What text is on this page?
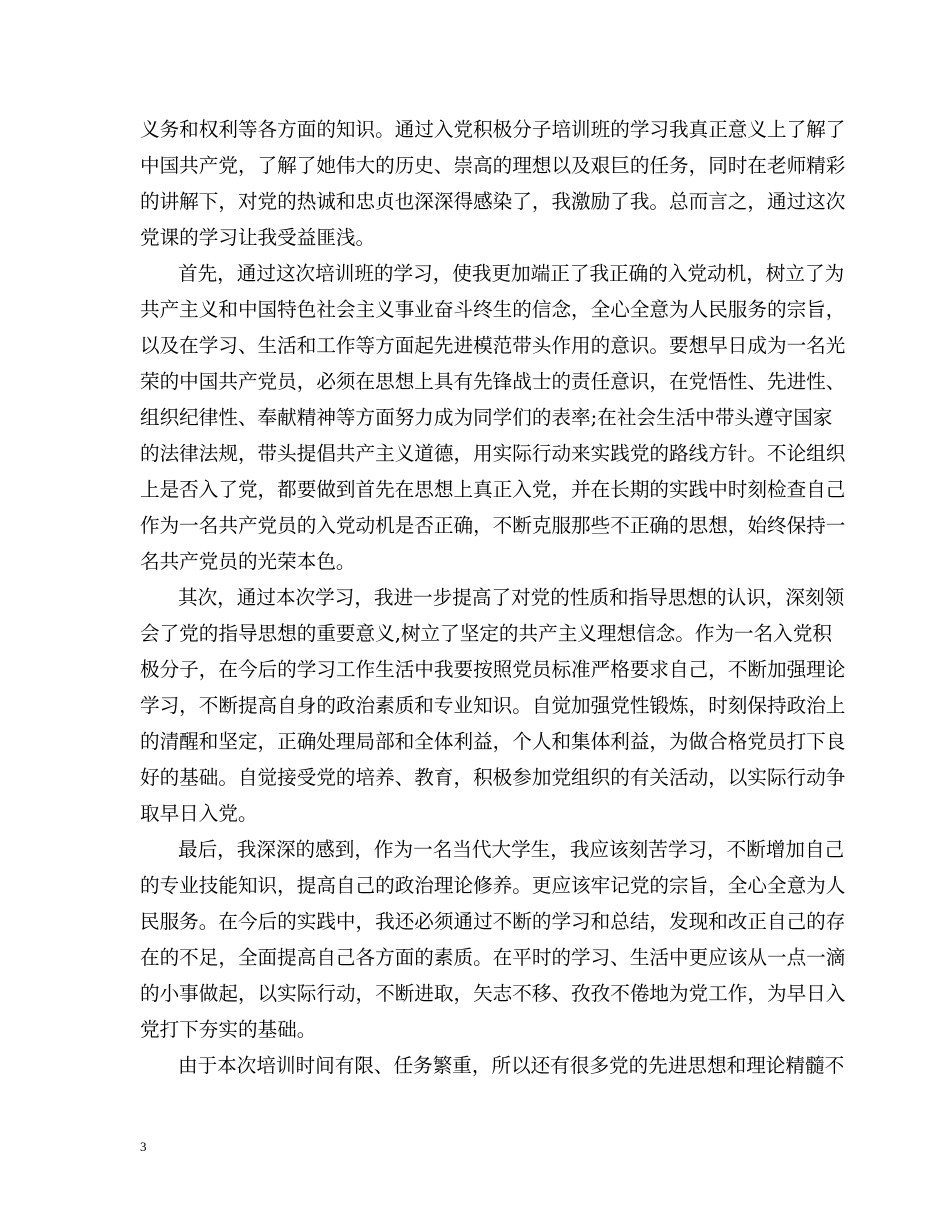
义务和权利等各方面的知识。通过入党积极分子培训班的学习我真正意义上了解了
中国共产党，了解了她伟大的历史、崇高的理想以及艰巨的任务，同时在老师精彩
的讲解下，对党的热诚和忠贞也深深得感染了，我激励了我。总而言之，通过这次
党课的学习让我受益匪浅。
首先，通过这次培训班的学习，使我更加端正了我正确的入党动机，树立了为
共产主义和中国特色社会主义事业奋斗终生的信念，全心全意为人民服务的宗旨，
以及在学习、生活和工作等方面起先进模范带头作用的意识。要想早日成为一名光
荣的中国共产党员，必须在思想上具有先锋战士的责任意识，在党悟性、先进性、
组织纪律性、奉献精神等方面努力成为同学们的表率;在社会生活中带头遵守国家
的法律法规，带头提倡共产主义道德，用实际行动来实践党的路线方针。不论组织
上是否入了党，都要做到首先在思想上真正入党，并在长期的实践中时刻检查自己
作为一名共产党员的入党动机是否正确，不断克服那些不正确的思想，始终保持一
名共产党员的光荣本色。
其次，通过本次学习，我进一步提高了对党的性质和指导思想的认识，深刻领
会了党的指导思想的重要意义,树立了坚定的共产主义理想信念。作为一名入党积
极分子，在今后的学习工作生活中我要按照党员标准严格要求自己，不断加强理论
学习，不断提高自身的政治素质和专业知识。自觉加强党性锻炼，时刻保持政治上
的清醒和坚定，正确处理局部和全体利益，个人和集体利益，为做合格党员打下良
好的基础。自觉接受党的培养、教育，积极参加党组织的有关活动，以实际行动争
取早日入党。
最后，我深深的感到，作为一名当代大学生，我应该刻苦学习，不断增加自己
的专业技能知识，提高自己的政治理论修养。更应该牢记党的宗旨，全心全意为人
民服务。在今后的实践中，我还必须通过不断的学习和总结，发现和改正自己的存
在的不足，全面提高自己各方面的素质。在平时的学习、生活中更应该从一点一滴
的小事做起，以实际行动，不断进取，矢志不移、孜孜不倦地为党工作，为早日入
党打下夯实的基础。
由于本次培训时间有限、任务繁重，所以还有很多党的先进思想和理论精髓不
3
